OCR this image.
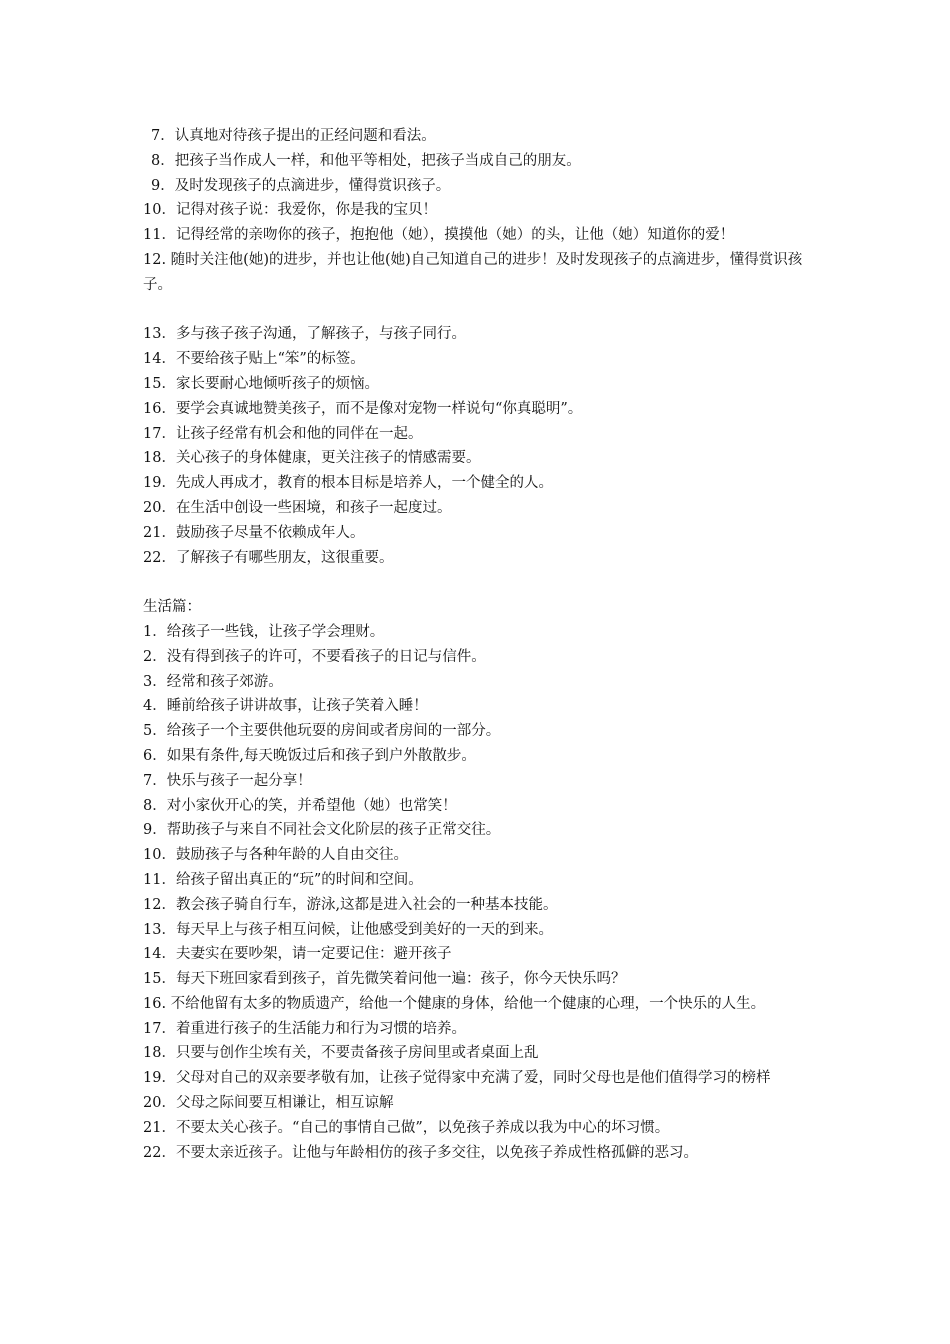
7．认真地对待孩子提出的正经问题和看法。

8．把孩子当作成人一样，和他平等相处，把孩子当成自己的朋友。

9．及时发现孩子的点滴进步，懂得赏识孩子。

10．记得对孩子说：我爱你，你是我的宝贝！

11．记得经常的亲吻你的孩子，抱抱他（她），摸摸他（她）的头，让他（她）知道你的爱！

12. 随时关注他(她)的进步，并也让他(她)自己知道自己的进步！及时发现孩子的点滴进步，懂得赏识孩子。

13．多与孩子孩子沟通，了解孩子，与孩子同行。

14．不要给孩子贴上“笨”的标签。

15．家长要耐心地倾听孩子的烦恼。

16．要学会真诚地赞美孩子，而不是像对宠物一样说句“你真聪明”。

17．让孩子经常有机会和他的同伴在一起。

18．关心孩子的身体健康，更关注孩子的情感需要。

19．先成人再成才，教育的根本目标是培养人，一个健全的人。

20．在生活中创设一些困境，和孩子一起度过。

21．鼓励孩子尽量不依赖成年人。

22．了解孩子有哪些朋友，这很重要。

生活篇：

1．给孩子一些钱，让孩子学会理财。

2．没有得到孩子的许可，不要看孩子的日记与信件。

3．经常和孩子郊游。

4．睡前给孩子讲讲故事，让孩子笑着入睡！

5．给孩子一个主要供他玩耍的房间或者房间的一部分。

6．如果有条件,每天晚饭过后和孩子到户外散散步。

7．快乐与孩子一起分享！

8．对小家伙开心的笑，并希望他（她）也常笑！

9．帮助孩子与来自不同社会文化阶层的孩子正常交往。

10．鼓励孩子与各种年龄的人自由交往。

11．给孩子留出真正的“玩”的时间和空间。

12．教会孩子骑自行车，游泳,这都是进入社会的一种基本技能。

13．每天早上与孩子相互问候，让他感受到美好的一天的到来。

14．夫妻实在要吵架，请一定要记住：避开孩子

15．每天下班回家看到孩子，首先微笑着问他一遍：孩子，你今天快乐吗？

16. 不给他留有太多的物质遗产，给他一个健康的身体，给他一个健康的心理，一个快乐的人生。

17．着重进行孩子的生活能力和行为习惯的培养。

18．只要与创作尘埃有关，不要责备孩子房间里或者桌面上乱

19．父母对自己的双亲要孝敬有加，让孩子觉得家中充满了爱，同时父母也是他们值得学习的榜样

20．父母之际间要互相谦让，相互谅解

21．不要太关心孩子。“自己的事情自己做”，以免孩子养成以我为中心的坏习惯。

22．不要太亲近孩子。让他与年龄相仿的孩子多交往，以免孩子养成性格孤僻的恶习。
